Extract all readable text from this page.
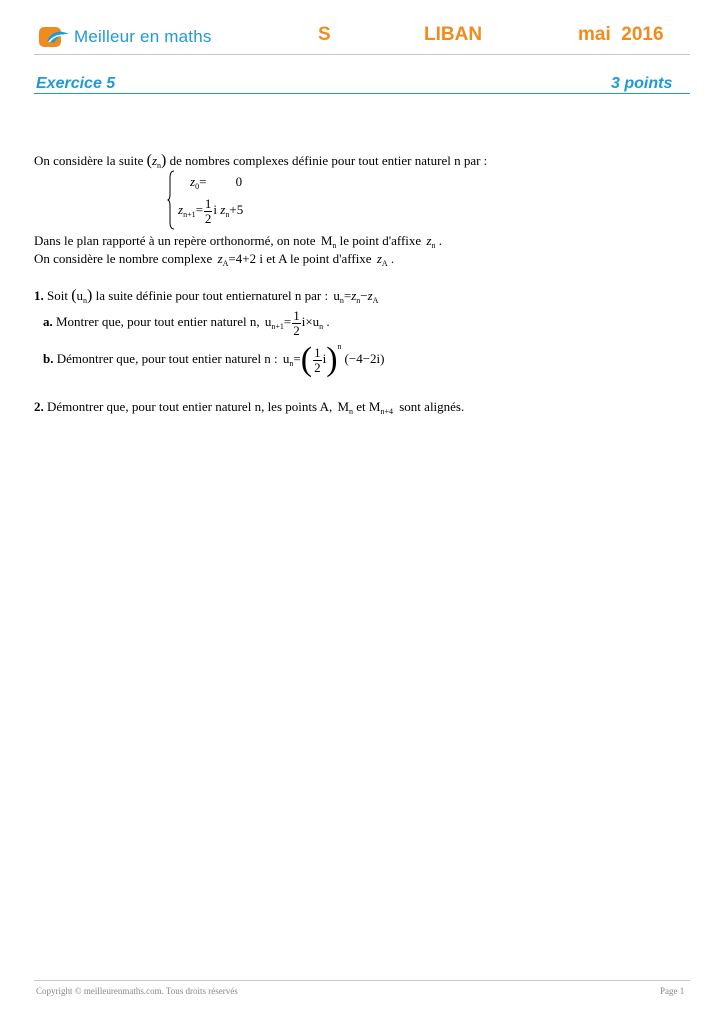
Meilleur en maths	S	LIBAN	mai  2016
Exercice 5	3 points
On considère la suite $(z_n)$ de nombres complexes définie pour tout entier naturel n par :
$z_0= 0$
$z_{n+1}= \frac{1}{2}$ i $z_n+5$
Dans le plan rapporté à un repère orthonormé, on note $M_n$ le point d'affixe $z_n$ .
On considère le nombre complexe $z_A=4+2$ i et A le point d'affixe $z_A$ .
1. Soit $(u_n)$ la suite définie pour tout entiernaturel n par : $u_n=z_n-z_A$
a. Montrer que, pour tout entier naturel n, $u_{n+1}= \frac{1}{2} i\times u_n$ .
b. Démontrer que, pour tout entier naturel n : $u_n=( \frac{1}{2} i)^n(-4-2i)$
2. Démontrer que, pour tout entier naturel n, les points A, $M_n$ et $M_{n+4}$ sont alignés.
Copyright © meilleurenmaths.com. Tous droits réservés	Page 1
